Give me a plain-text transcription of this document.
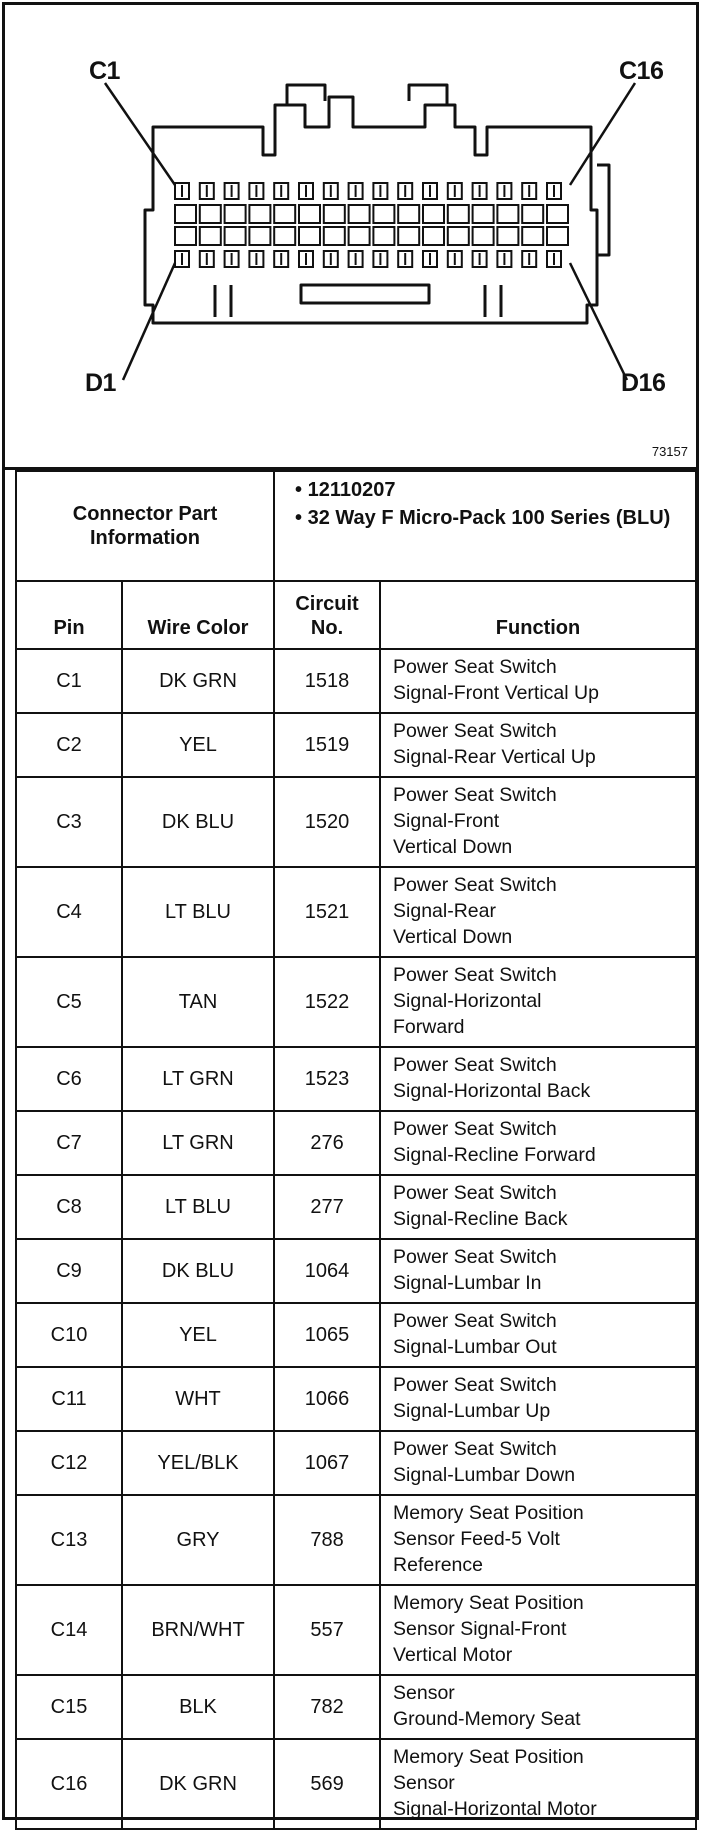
C1	C16
D1	D16
73157
Connector Part Information		• 12110207
• 32 Way F Micro-Pack 100 Series (BLU)	

Pin	Wire Color	Circuit No.	Function
C1	DK GRN	1518	Power Seat Switch
Signal-Front Vertical Up

C2	YEL	1519	Power Seat Switch
Signal-Rear Vertical Up

C3	DK BLU	1520	Power Seat Switch
Signal-Front
Vertical Down

C4	LT BLU	1521	Power Seat Switch
Signal-Rear
Vertical Down

C5	TAN	1522	Power Seat Switch
Signal-Horizontal
Forward

C6	LT GRN	1523	Power Seat Switch
Signal-Horizontal Back

C7	LT GRN	276	Power Seat Switch
Signal-Recline Forward

C8	LT BLU	277	Power Seat Switch
Signal-Recline Back

C9	DK BLU	1064	Power Seat Switch
Signal-Lumbar In

C10	YEL	1065	Power Seat Switch
Signal-Lumbar Out

C11	WHT	1066	Power Seat Switch
Signal-Lumbar Up

C12	YEL/BLK	1067	Power Seat Switch
Signal-Lumbar Down

C13	GRY	788	Memory Seat Position
Sensor Feed-5 Volt
Reference

C14	BRN/WHT	557	Memory Seat Position
Sensor Signal-Front
Vertical Motor

C15	BLK	782	Sensor
Ground-Memory Seat

C16	DK GRN	569	Memory Seat Position
Sensor
Signal-Horizontal Motor
